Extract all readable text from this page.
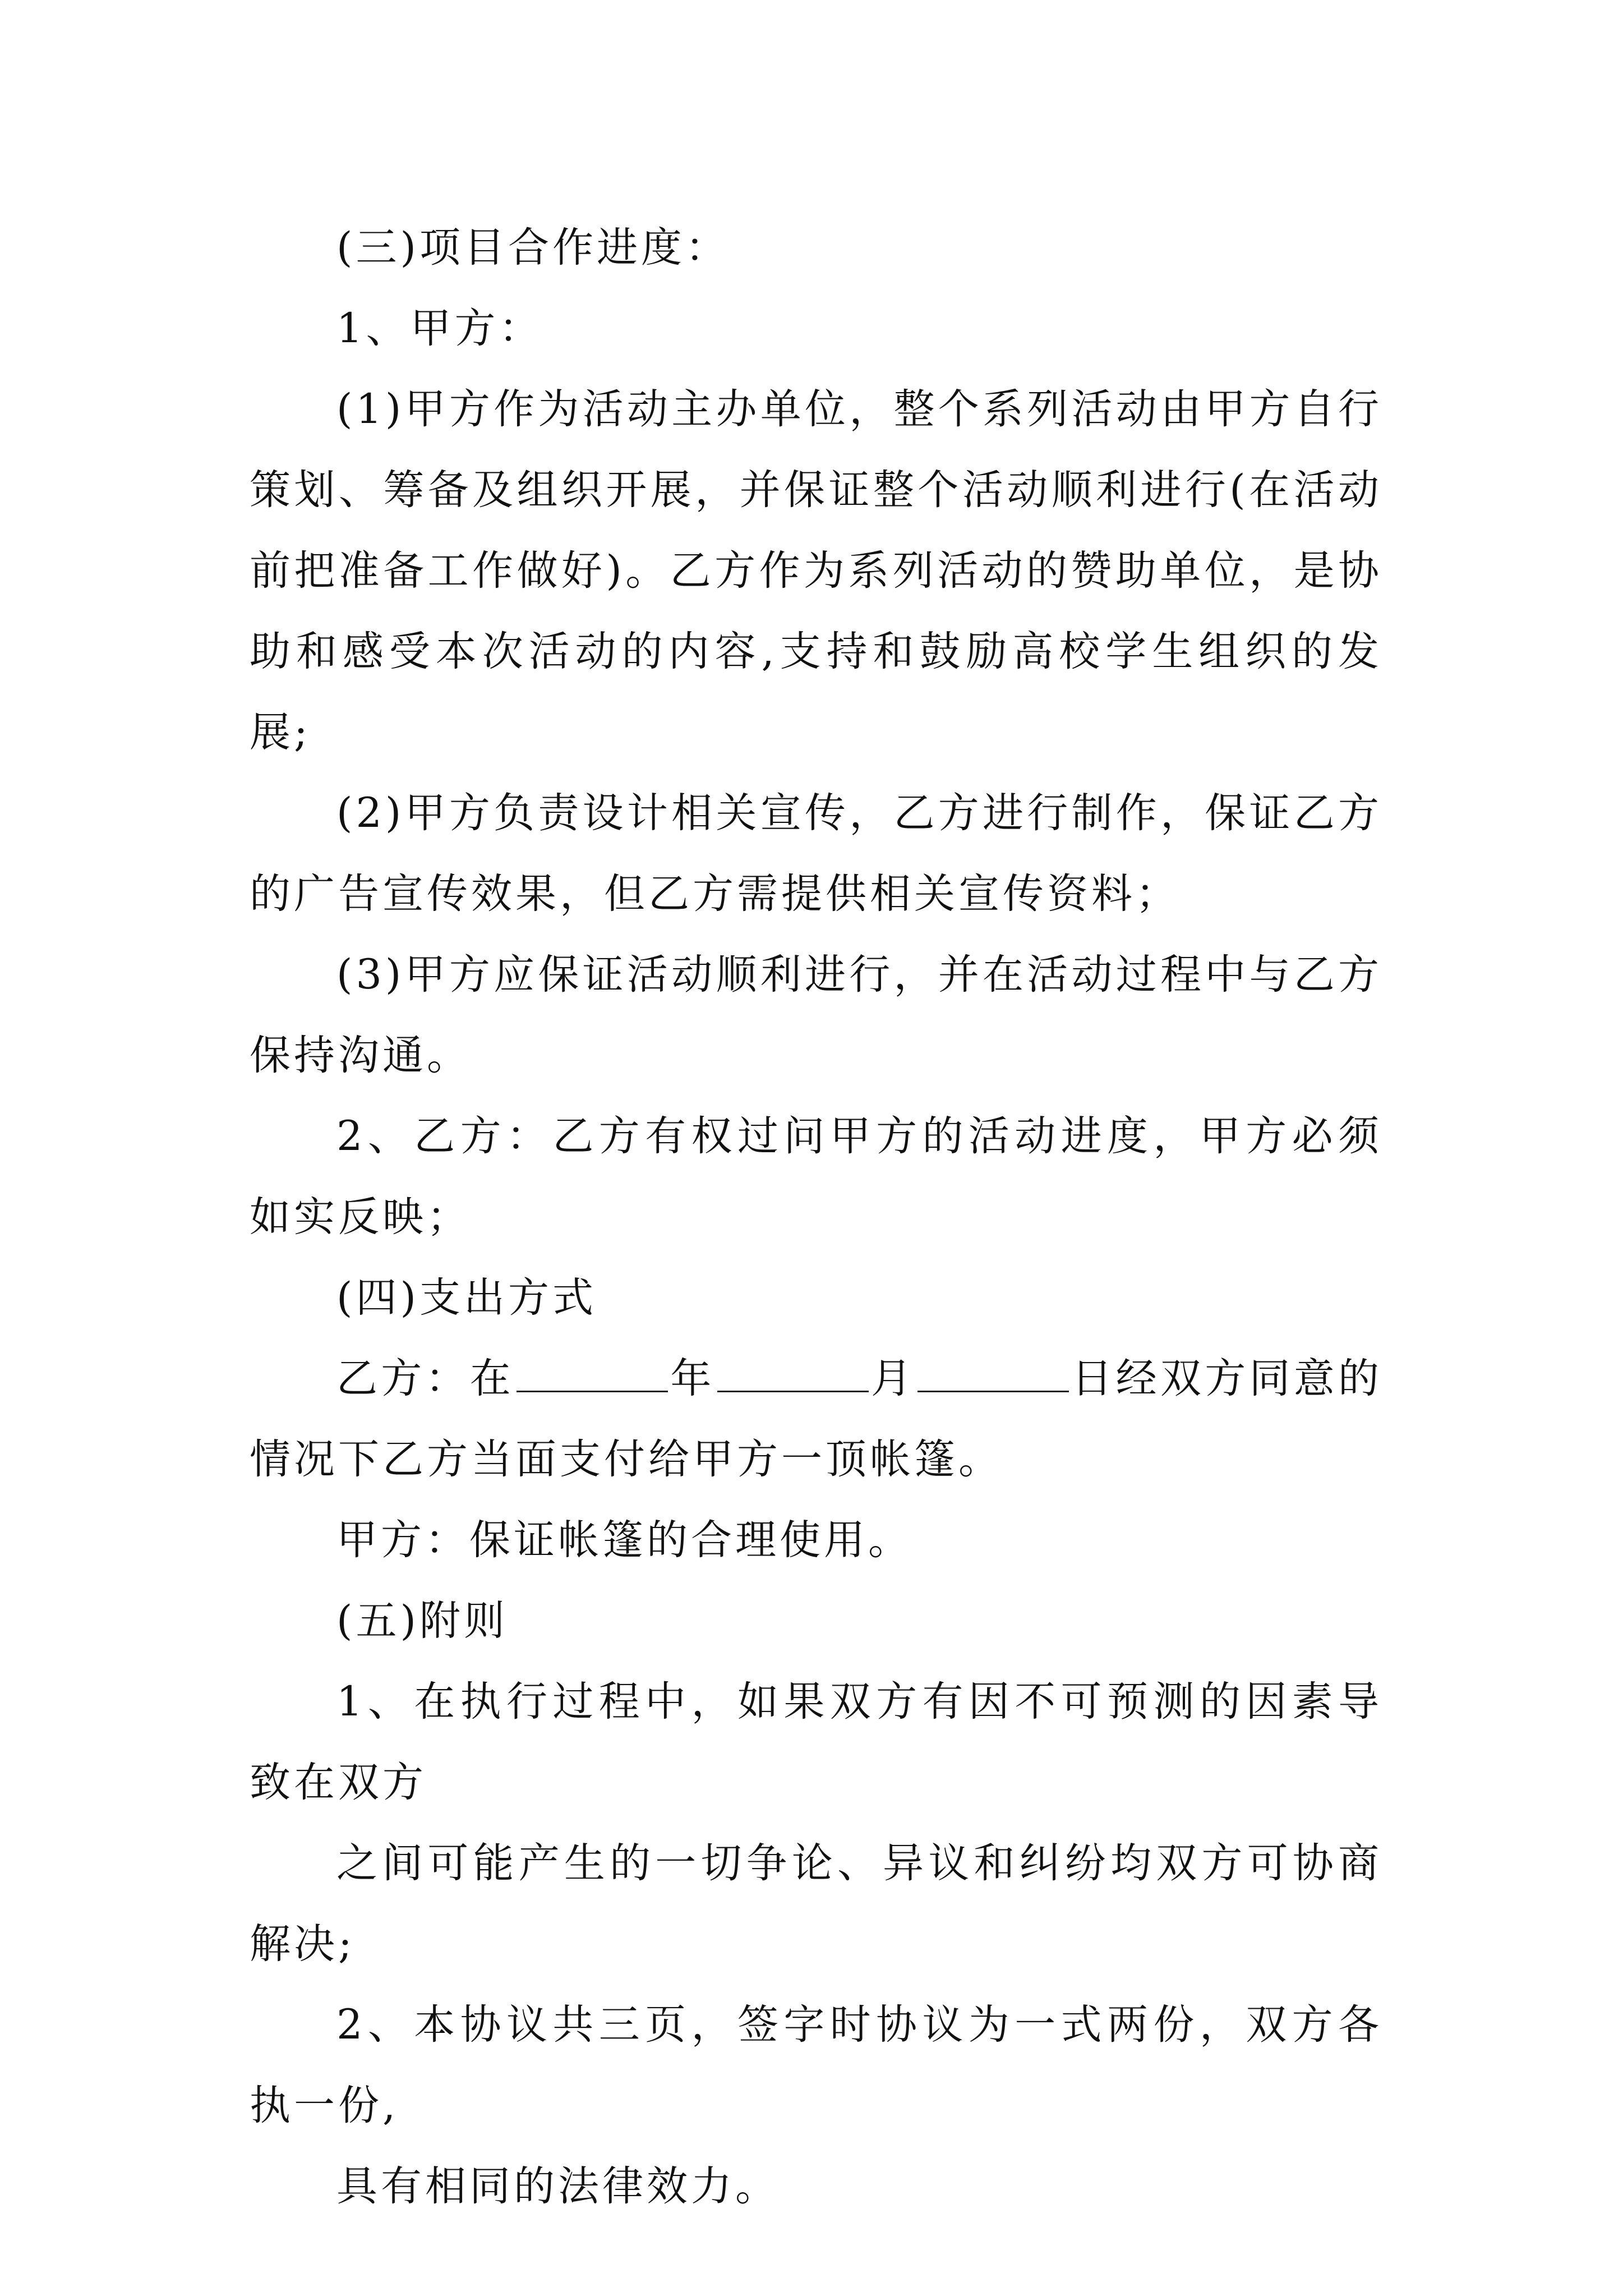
(三)项目合作进度：

1、甲方：

(1)甲方作为活动主办单位，整个系列活动由甲方自行策划、筹备及组织开展，并保证整个活动顺利进行(在活动前把准备工作做好)。乙方作为系列活动的赞助单位，是协助和感受本次活动的内容,支持和鼓励高校学生组织的发展;

(2)甲方负责设计相关宣传，乙方进行制作，保证乙方的广告宣传效果，但乙方需提供相关宣传资料；

(3)甲方应保证活动顺利进行，并在活动过程中与乙方保持沟通。

2、乙方：乙方有权过问甲方的活动进度，甲方必须如实反映；

(四)支出方式

乙方：在	年	月	日经双方同意的情况下乙方当面支付给甲方一顶帐篷。

甲方：保证帐篷的合理使用。

(五)附则

1、在执行过程中，如果双方有因不可预测的因素导致在双方

之间可能产生的一切争论、异议和纠纷均双方可协商解决;

2、本协议共三页，签字时协议为一式两份，双方各执一份,

具有相同的法律效力。
